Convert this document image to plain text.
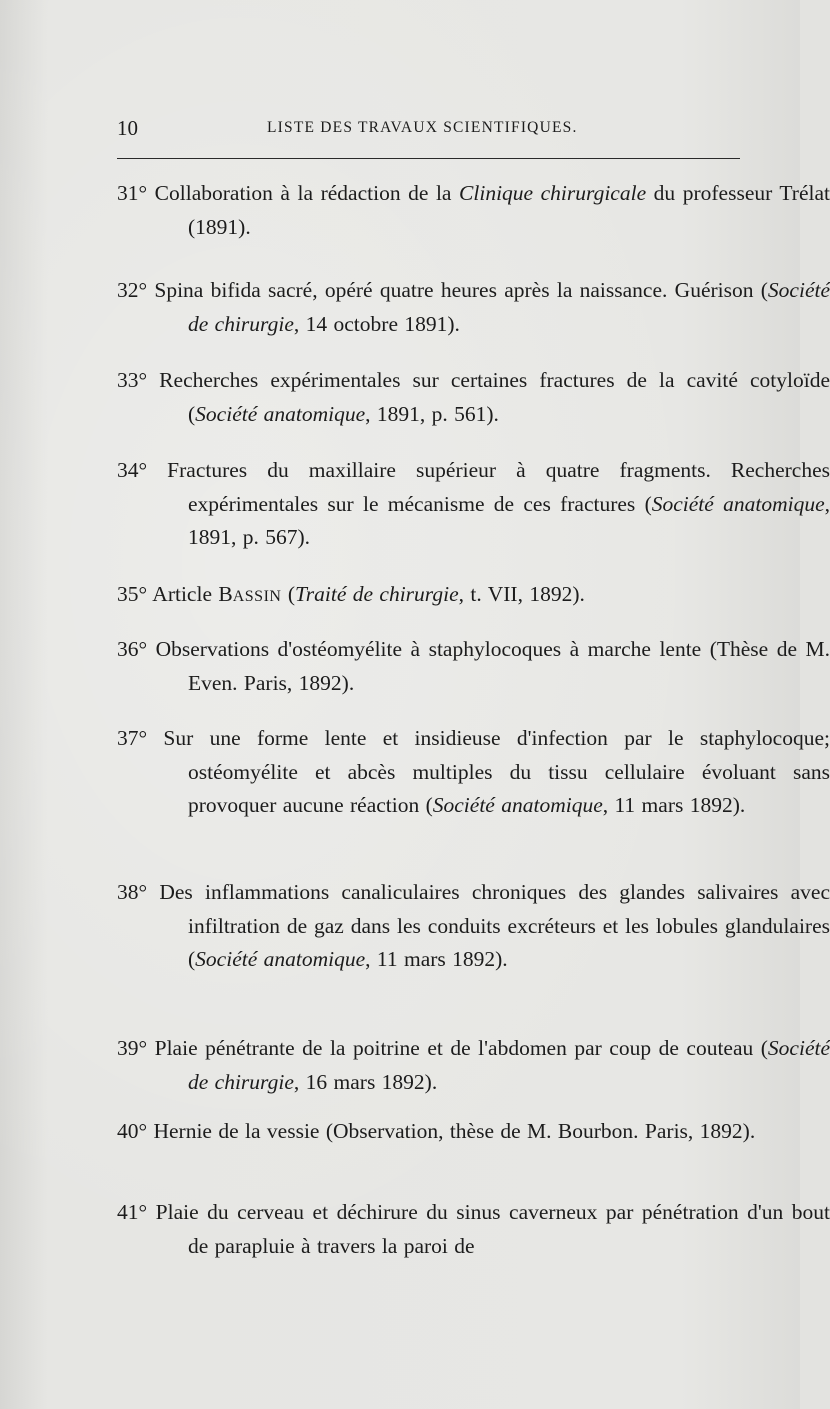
10	LISTE DES TRAVAUX SCIENTIFIQUES.

31° Collaboration à la rédaction de la Clinique chirurgicale du professeur Trélat (1891).

32° Spina bifida sacré, opéré quatre heures après la naissance. Guérison (Société de chirurgie, 14 octobre 1891).

33° Recherches expérimentales sur certaines fractures de la cavité cotyloïde (Société anatomique, 1891, p. 561).

34° Fractures du maxillaire supérieur à quatre fragments. Recherches expérimentales sur le mécanisme de ces fractures (Société anatomique, 1891, p. 567).

35° Article BASSIN (Traité de chirurgie, t. VII, 1892).

36° Observations d'ostéomyélite à staphylocoques à marche lente (Thèse de M. Even. Paris, 1892).

37° Sur une forme lente et insidieuse d'infection par le staphylocoque; ostéomyélite et abcès multiples du tissu cellulaire évoluant sans provoquer aucune réaction (Société anatomique, 11 mars 1892).

38° Des inflammations canaliculaires chroniques des glandes salivaires avec infiltration de gaz dans les conduits excréteurs et les lobules glandulaires (Société anatomique, 11 mars 1892).

39° Plaie pénétrante de la poitrine et de l'abdomen par coup de couteau (Société de chirurgie, 16 mars 1892).

40° Hernie de la vessie (Observation, thèse de M. Bourbon. Paris, 1892).

41° Plaie du cerveau et déchirure du sinus caverneux par pénétration d'un bout de parapluie à travers la paroi de
